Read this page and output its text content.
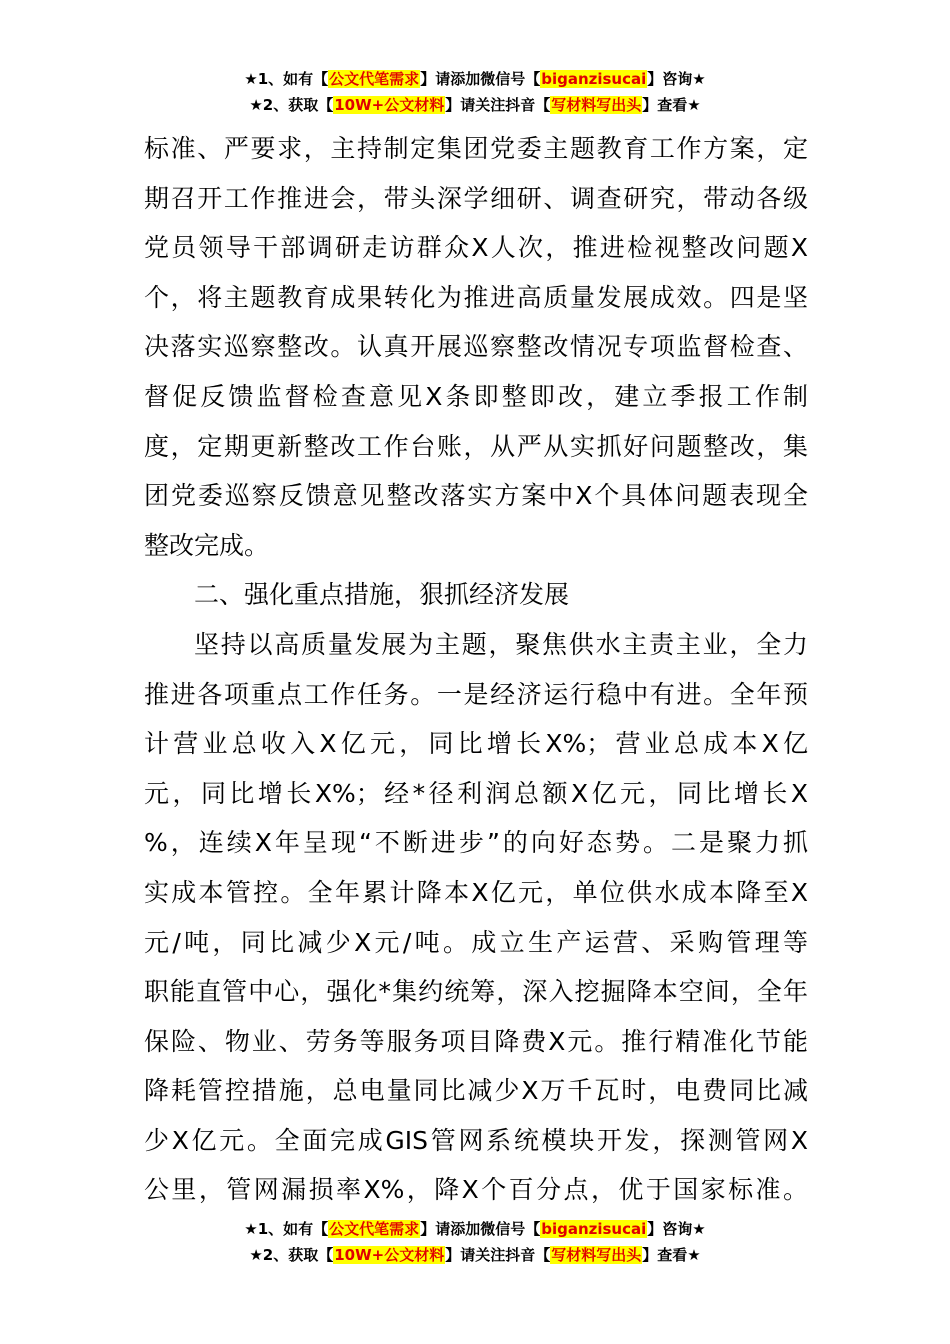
★1、如有【公文代笔需求】请添加微信号【biganzisucai】咨询★
★2、获取【10W+公文材料】请关注抖音【写材料写出头】查看★
标准、严要求，主持制定集团党委主题教育工作方案，定
期召开工作推进会，带头深学细研、调查研究，带动各级
党员领导干部调研走访群众X人次，推进检视整改问题X
个，将主题教育成果转化为推进高质量发展成效。四是坚
决落实巡察整改。认真开展巡察整改情况专项监督检查、
督促反馈监督检查意见X条即整即改，建立季报工作制
度，定期更新整改工作台账，从严从实抓好问题整改，集
团党委巡察反馈意见整改落实方案中X个具体问题表现全
整改完成。
二、强化重点措施，狠抓经济发展
坚持以高质量发展为主题，聚焦供水主责主业，全力
推进各项重点工作任务。一是经济运行稳中有进。全年预
计营业总收入X亿元，同比增长X%；营业总成本X亿
元，同比增长X%；经*径利润总额X亿元，同比增长X
%，连续X年呈现“不断进步”的向好态势。二是聚力抓
实成本管控。全年累计降本X亿元，单位供水成本降至X
元/吨，同比减少X元/吨。成立生产运营、采购管理等
职能直管中心，强化*集约统筹，深入挖掘降本空间，全年
保险、物业、劳务等服务项目降费X元。推行精准化节能
降耗管控措施，总电量同比减少X万千瓦时，电费同比减
少X亿元。全面完成GIS管网系统模块开发，探测管网X
公里，管网漏损率X%，降X个百分点，优于国家标准。
★1、如有【公文代笔需求】请添加微信号【biganzisucai】咨询★
★2、获取【10W+公文材料】请关注抖音【写材料写出头】查看★
